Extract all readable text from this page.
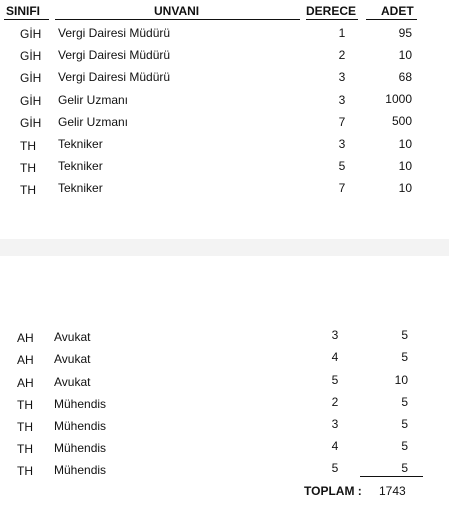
SINIFI	UNVANI	DERECE ADET
GİH Vergi Dairesi Müdürü	1	95
GİH Vergi Dairesi Müdürü	2	10
GİH Vergi Dairesi Müdürü	3	68
GİH Gelir Uzmanı	3	1000
GİH Gelir Uzmanı	7	500
TH Tekniker	3	10
TH Tekniker	5	10
TH Tekniker	7	10
AH Avukat	3	5
AH Avukat	4	5
AH Avukat	5	10
TH Mühendis	2	5
TH Mühendis	3	5
TH Mühendis	4	5
TH Mühendis	5	5
TOPLAM : 1743
